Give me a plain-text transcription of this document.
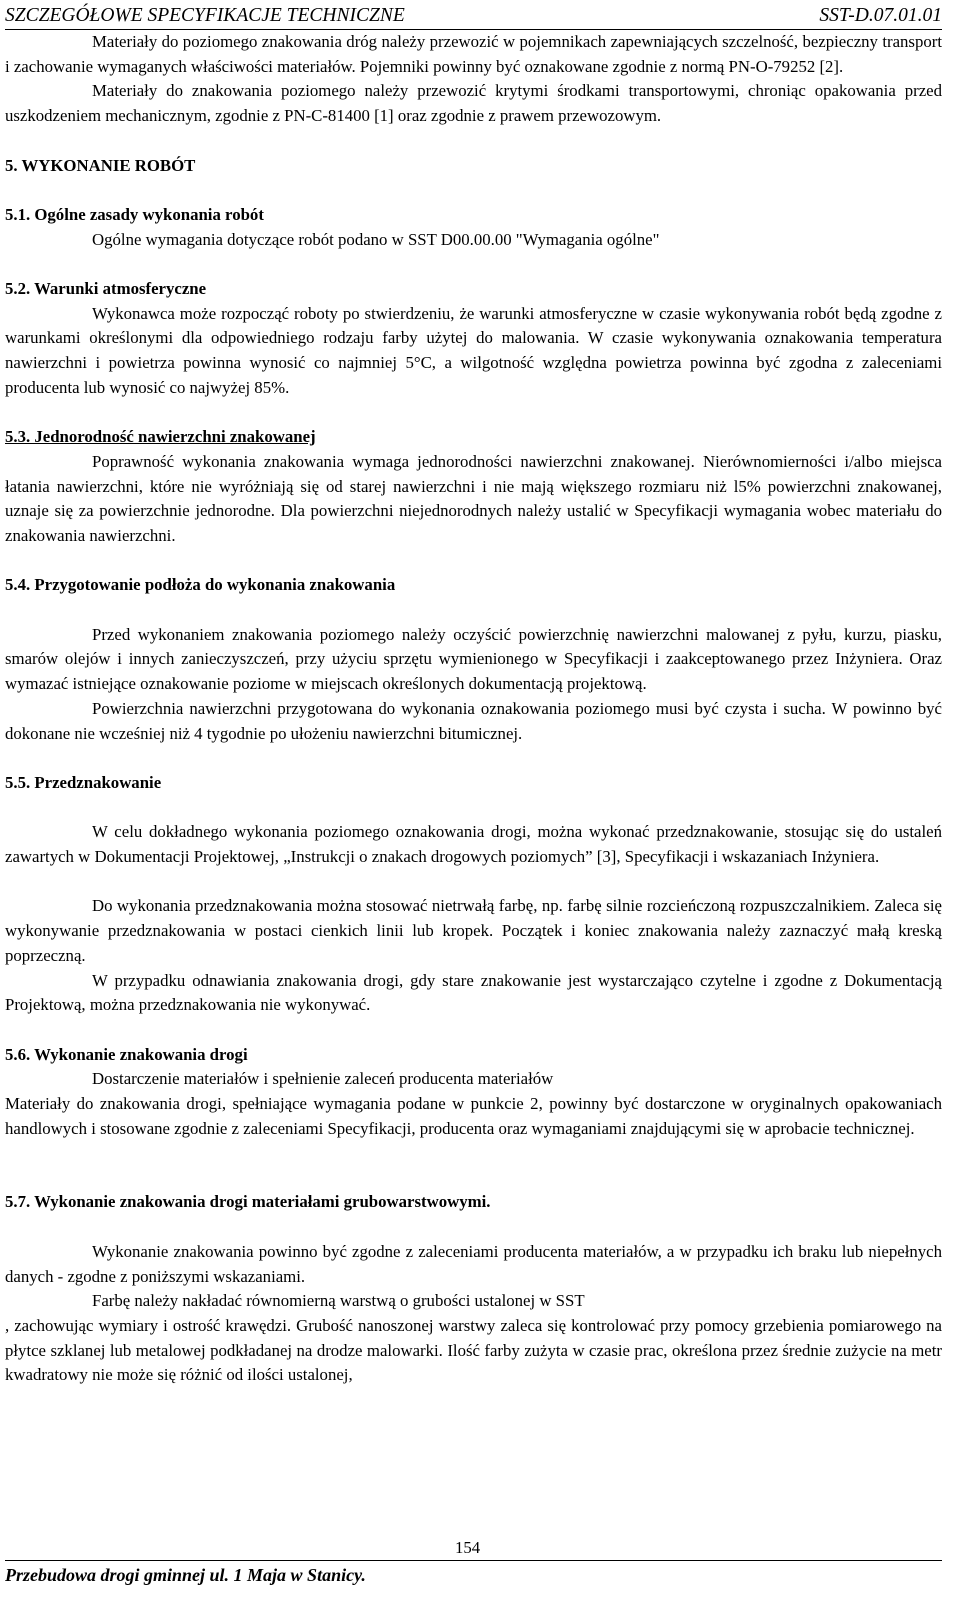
SZCZEGÓŁOWE SPECYFIKACJE TECHNICZNE	SST-D.07.01.01

Materiały do poziomego znakowania dróg należy przewozić w pojemnikach zapewniających szczelność, bezpieczny transport i zachowanie wymaganych właściwości materiałów. Pojemniki powinny być oznakowane zgodnie z normą PN-O-79252 [2].

Materiały do znakowania poziomego należy przewozić krytymi środkami transportowymi, chroniąc opakowania przed uszkodzeniem mechanicznym, zgodnie z PN-C-81400 [1] oraz zgodnie z prawem przewozowym.

5. WYKONANIE ROBÓT
5.1. Ogólne zasady wykonania robót

Ogólne wymagania dotyczące robót podano w SST D00.00.00 "Wymagania ogólne"

5.2. Warunki atmosferyczne

Wykonawca może rozpocząć roboty po stwierdzeniu, że warunki atmosferyczne w czasie wykonywania robót będą zgodne z warunkami określonymi dla odpowiedniego rodzaju farby użytej do malowania. W czasie wykonywania oznakowania temperatura nawierzchni i powietrza powinna wynosić co najmniej 5°C, a wilgotność względna powietrza powinna być zgodna z zaleceniami producenta lub wynosić co najwyżej 85%.

5.3. Jednorodność nawierzchni znakowanej

Poprawność wykonania znakowania wymaga jednorodności nawierzchni znakowanej. Nierównomierności i/albo miejsca łatania nawierzchni, które nie wyróżniają się od starej nawierzchni i nie mają większego rozmiaru niż l5% powierzchni znakowanej, uznaje się za powierzchnie jednorodne. Dla powierzchni niejednorodnych należy ustalić w Specyfikacji wymagania wobec materiału do znakowania nawierzchni.

5.4. Przygotowanie podłoża do wykonania znakowania

Przed wykonaniem znakowania poziomego należy oczyścić powierzchnię nawierzchni malowanej z pyłu, kurzu, piasku, smarów olejów i innych zanieczyszczeń, przy użyciu sprzętu wymienionego w Specyfikacji i zaakceptowanego przez Inżyniera. Oraz wymazać istniejące oznakowanie poziome w miejscach określonych dokumentacją projektową.

Powierzchnia nawierzchni przygotowana do wykonania oznakowania poziomego musi być czysta i sucha. W powinno być dokonane nie wcześniej niż 4 tygodnie po ułożeniu nawierzchni bitumicznej.

5.5. Przedznakowanie

W celu dokładnego wykonania poziomego oznakowania drogi, można wykonać przedznakowanie, stosując się do ustaleń zawartych w Dokumentacji Projektowej, „Instrukcji o znakach drogowych poziomych” [3], Specyfikacji i wskazaniach Inżyniera.

Do wykonania przedznakowania można stosować nietrwałą farbę, np. farbę silnie rozcieńczoną rozpuszczalnikiem. Zaleca się wykonywanie przedznakowania w postaci cienkich linii lub kropek. Początek i koniec znakowania należy zaznaczyć małą kreską poprzeczną.

W przypadku odnawiania znakowania drogi, gdy stare znakowanie jest wystarczająco czytelne i zgodne z Dokumentacją Projektową, można przedznakowania nie wykonywać.

5.6. Wykonanie znakowania drogi

Dostarczenie materiałów i spełnienie zaleceń producenta materiałów

Materiały do znakowania drogi, spełniające wymagania podane w punkcie 2, powinny być dostarczone w oryginalnych opakowaniach handlowych i stosowane zgodnie z zaleceniami Specyfikacji, producenta oraz wymaganiami znajdującymi się w aprobacie technicznej.

5.7. Wykonanie znakowania drogi materiałami grubowarstwowymi.

Wykonanie znakowania powinno być zgodne z zaleceniami producenta materiałów, a w przypadku ich braku lub niepełnych danych - zgodne z poniższymi wskazaniami.

Farbę należy nakładać równomierną warstwą o grubości ustalonej w SST

, zachowując wymiary i ostrość krawędzi. Grubość nanoszonej warstwy zaleca się kontrolować przy pomocy grzebienia pomiarowego na płytce szklanej lub metalowej podkładanej na drodze malowarki. Ilość farby zużyta w czasie prac, określona przez średnie zużycie na metr kwadratowy nie może się różnić od ilości ustalonej,

154
Przebudowa drogi gminnej ul. 1 Maja w Stanicy.
